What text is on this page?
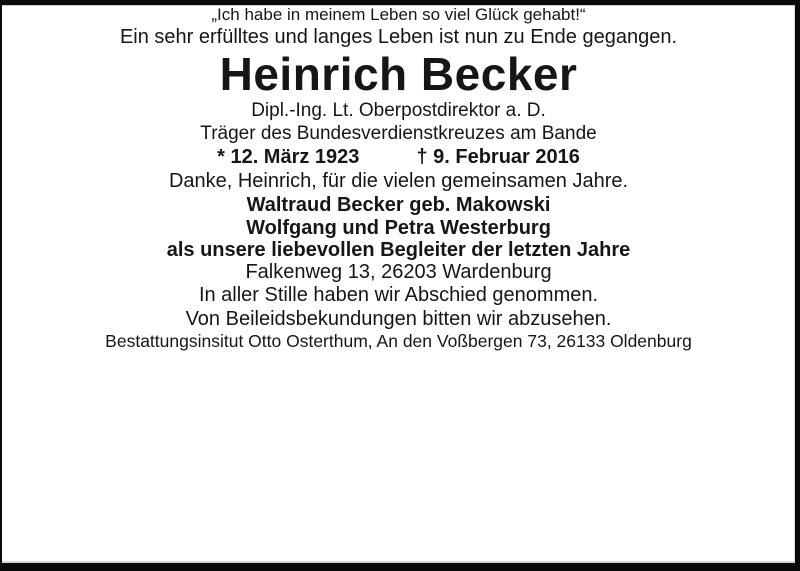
„Ich habe in meinem Leben so viel Glück gehabt!“

Ein sehr erfülltes und langes Leben ist nun zu Ende gegangen.

Heinrich Becker

Dipl.-Ing. Lt. Oberpostdirektor a. D.

Träger des Bundesverdienstkreuzes am Bande

* 12. März 1923	† 9. Februar 2016

Danke, Heinrich, für die vielen gemeinsamen Jahre.

Waltraud Becker geb. Makowski

Wolfgang und Petra Westerburg

als unsere liebevollen Begleiter der letzten Jahre

Falkenweg 13, 26203 Wardenburg

In aller Stille haben wir Abschied genommen.

Von Beileidsbekundungen bitten wir abzusehen.

Bestattungsinsitut Otto Osterthum, An den Voßbergen 73, 26133 Oldenburg
